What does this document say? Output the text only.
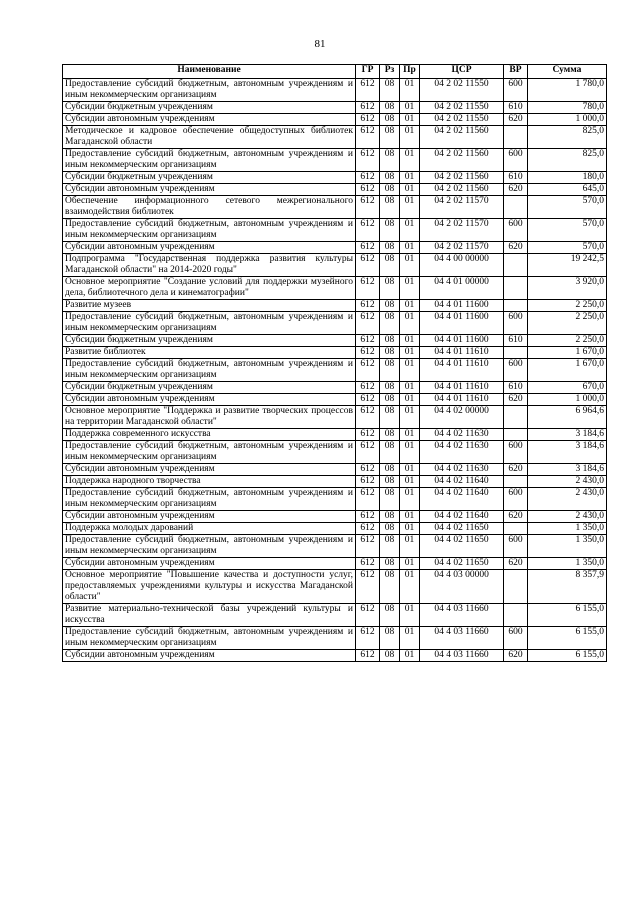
81
Наименование	ГР	Рз	Пр	ЦСР	ВР	Сумма
Предоставление субсидий бюджетным, автономным учреждениям и иным некоммерческим организациям	612	08	01	04 2 02 11550	600	1 780,0
Субсидии бюджетным учреждениям	612	08	01	04 2 02 11550	610	780,0
Субсидии автономным учреждениям	612	08	01	04 2 02 11550	620	1 000,0
Методическое и кадровое обеспечение общедоступных библиотек Магаданской области	612	08	01	04 2 02 11560		825,0
Предоставление субсидий бюджетным, автономным учреждениям и иным некоммерческим организациям	612	08	01	04 2 02 11560	600	825,0
Субсидии бюджетным учреждениям	612	08	01	04 2 02 11560	610	180,0
Субсидии автономным учреждениям	612	08	01	04 2 02 11560	620	645,0
Обеспечение информационного сетевого межрегионального взаимодействия библиотек	612	08	01	04 2 02 11570		570,0
Предоставление субсидий бюджетным, автономным учреждениям и иным некоммерческим организациям	612	08	01	04 2 02 11570	600	570,0
Субсидии автономным учреждениям	612	08	01	04 2 02 11570	620	570,0
Подпрограмма "Государственная поддержка развития культуры Магаданской области" на 2014-2020 годы"	612	08	01	04 4 00 00000		19 242,5
Основное мероприятие "Создание условий для поддержки музейного дела, библиотечного дела и кинематографии"	612	08	01	04 4 01 00000		3 920,0
Развитие музеев	612	08	01	04 4 01 11600		2 250,0
Предоставление субсидий бюджетным, автономным учреждениям и иным некоммерческим организациям	612	08	01	04 4 01 11600	600	2 250,0
Субсидии бюджетным учреждениям	612	08	01	04 4 01 11600	610	2 250,0
Развитие библиотек	612	08	01	04 4 01 11610		1 670,0
Предоставление субсидий бюджетным, автономным учреждениям и иным некоммерческим организациям	612	08	01	04 4 01 11610	600	1 670,0
Субсидии бюджетным учреждениям	612	08	01	04 4 01 11610	610	670,0
Субсидии автономным учреждениям	612	08	01	04 4 01 11610	620	1 000,0
Основное мероприятие "Поддержка и развитие творческих процессов на территории Магаданской области"	612	08	01	04 4 02 00000		6 964,6
Поддержка современного искусства	612	08	01	04 4 02 11630		3 184,6
Предоставление субсидий бюджетным, автономным учреждениям и иным некоммерческим организациям	612	08	01	04 4 02 11630	600	3 184,6
Субсидии автономным учреждениям	612	08	01	04 4 02 11630	620	3 184,6
Поддержка народного творчества	612	08	01	04 4 02 11640		2 430,0
Предоставление субсидий бюджетным, автономным учреждениям и иным некоммерческим организациям	612	08	01	04 4 02 11640	600	2 430,0
Субсидии автономным учреждениям	612	08	01	04 4 02 11640	620	2 430,0
Поддержка молодых дарований	612	08	01	04 4 02 11650		1 350,0
Предоставление субсидий бюджетным, автономным учреждениям и иным некоммерческим организациям	612	08	01	04 4 02 11650	600	1 350,0
Субсидии автономным учреждениям	612	08	01	04 4 02 11650	620	1 350,0
Основное мероприятие "Повышение качества и доступности услуг, предоставляемых учреждениями культуры и искусства Магаданской области"	612	08	01	04 4 03 00000		8 357,9
Развитие материально-технической базы учреждений культуры и искусства	612	08	01	04 4 03 11660		6 155,0
Предоставление субсидий бюджетным, автономным учреждениям и иным некоммерческим организациям	612	08	01	04 4 03 11660	600	6 155,0
Субсидии автономным учреждениям	612	08	01	04 4 03 11660	620	6 155,0
